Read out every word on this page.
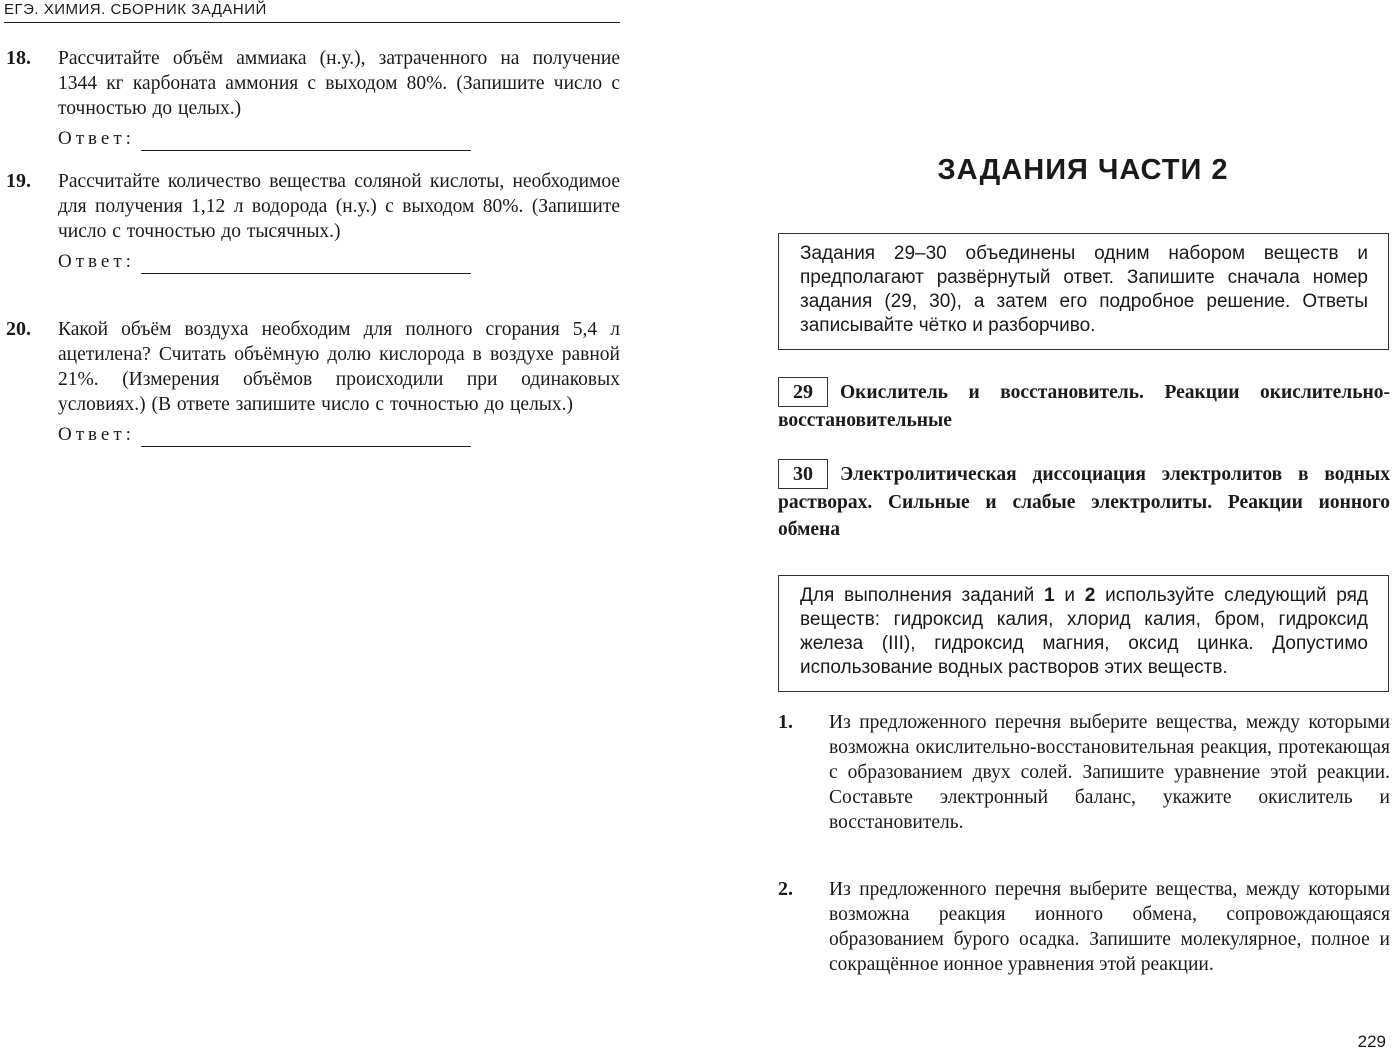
ЕГЭ. ХИМИЯ. СБОРНИК ЗАДАНИЙ
18. Рассчитайте объём аммиака (н.у.), затраченного на получение 1344 кг карбоната аммония с выходом 80%. (Запишите число с точностью до целых.)
Ответ:
19. Рассчитайте количество вещества соляной кислоты, необходимое для получения 1,12 л водорода (н.у.) с выходом 80%. (Запишите число с точностью до тысячных.)
Ответ:
20. Какой объём воздуха необходим для полного сгорания 5,4 л ацетилена? Считать объёмную долю кислорода в воздухе равной 21%. (Измерения объёмов происходили при одинаковых условиях.) (В ответе запишите число с точностью до целых.)
Ответ:
ЗАДАНИЯ ЧАСТИ 2
Задания 29–30 объединены одним набором веществ и предполагают развёрнутый ответ. Запишите сначала номер задания (29, 30), а затем его подробное решение. Ответы записывайте чётко и разборчиво.
29 Окислитель и восстановитель. Реакции окислительно-восстановительные
30 Электролитическая диссоциация электролитов в водных растворах. Сильные и слабые электролиты. Реакции ионного обмена
Для выполнения заданий 1 и 2 используйте следующий ряд веществ: гидроксид калия, хлорид калия, бром, гидроксид железа (III), гидроксид магния, оксид цинка. Допустимо использование водных растворов этих веществ.
1. Из предложенного перечня выберите вещества, между которыми возможна окислительно-восстановительная реакция, протекающая с образованием двух солей. Запишите уравнение этой реакции. Составьте электронный баланс, укажите окислитель и восстановитель.
2. Из предложенного перечня выберите вещества, между которыми возможна реакция ионного обмена, сопровождающаяся образованием бурого осадка. Запишите молекулярное, полное и сокращённое ионное уравнения этой реакции.
229
